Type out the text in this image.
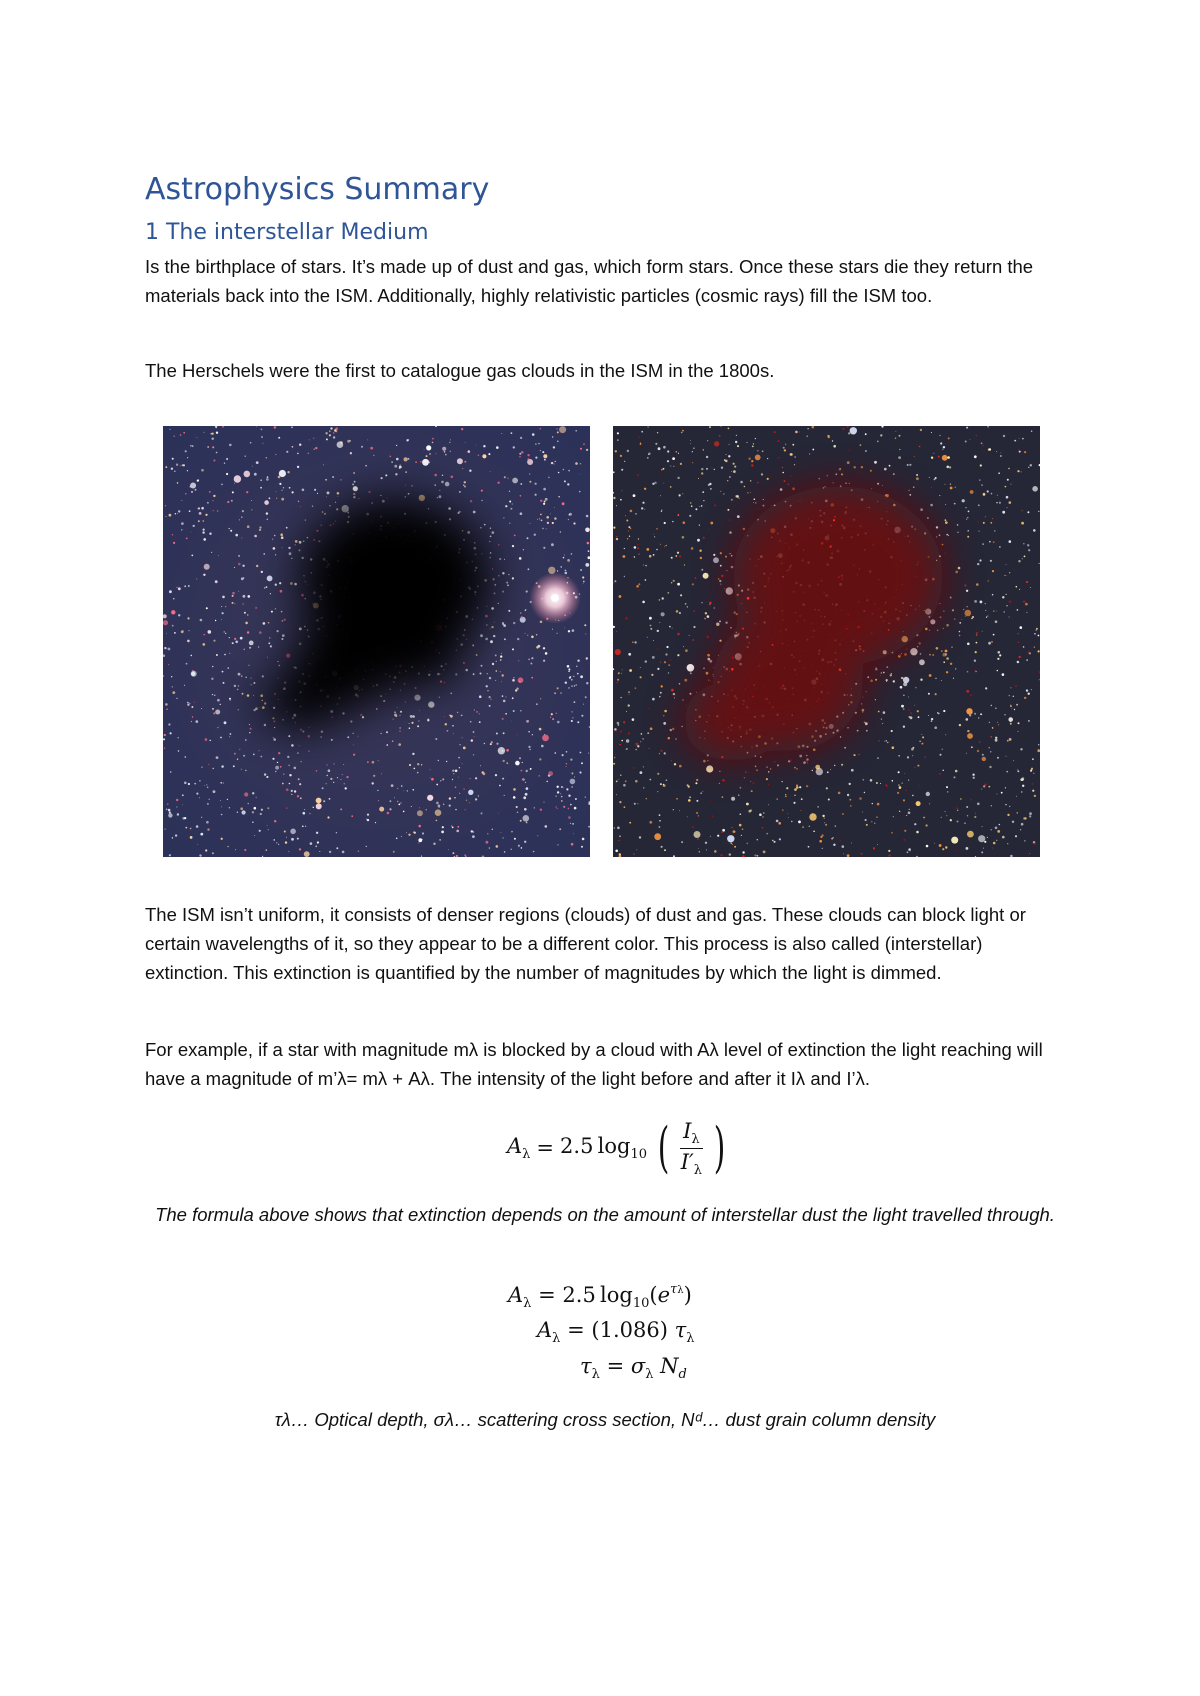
Astrophysics Summary
1 The interstellar Medium

Is the birthplace of stars. It’s made up of dust and gas, which form stars. Once these stars die they return the materials back into the ISM. Additionally, highly relativistic particles (cosmic rays) fill the ISM too.

The Herschels were the first to catalogue gas clouds in the ISM in the 1800s.

The ISM isn’t uniform, it consists of denser regions (clouds) of dust and gas. These clouds can block light or certain wavelengths of it, so they appear to be a different color. This process is also called (interstellar) extinction. This extinction is quantified by the number of magnitudes by which the light is dimmed.

For example, if a star with magnitude mλ is blocked by a cloud with Aλ level of extinction the light reaching will have a magnitude of m’λ= mλ + Aλ. The intensity of the light before and after it Iλ and I’λ.

$A_\lambda = 2.5$  $\log_{10}$ ( $\frac{I_\lambda}{I'_\lambda}$ )

The formula above shows that extinction depends on the amount of interstellar dust the light travelled through.

$A_\lambda = 2.5$  $\log_{10}(e^{\tau\lambda})$
$A_\lambda = (1.086)$ $\tau_\lambda$
$\tau_\lambda = \sigma_\lambda$ $N_d$

τλ… Optical depth, σλ… scattering cross section, Nᵈ… dust grain column density
